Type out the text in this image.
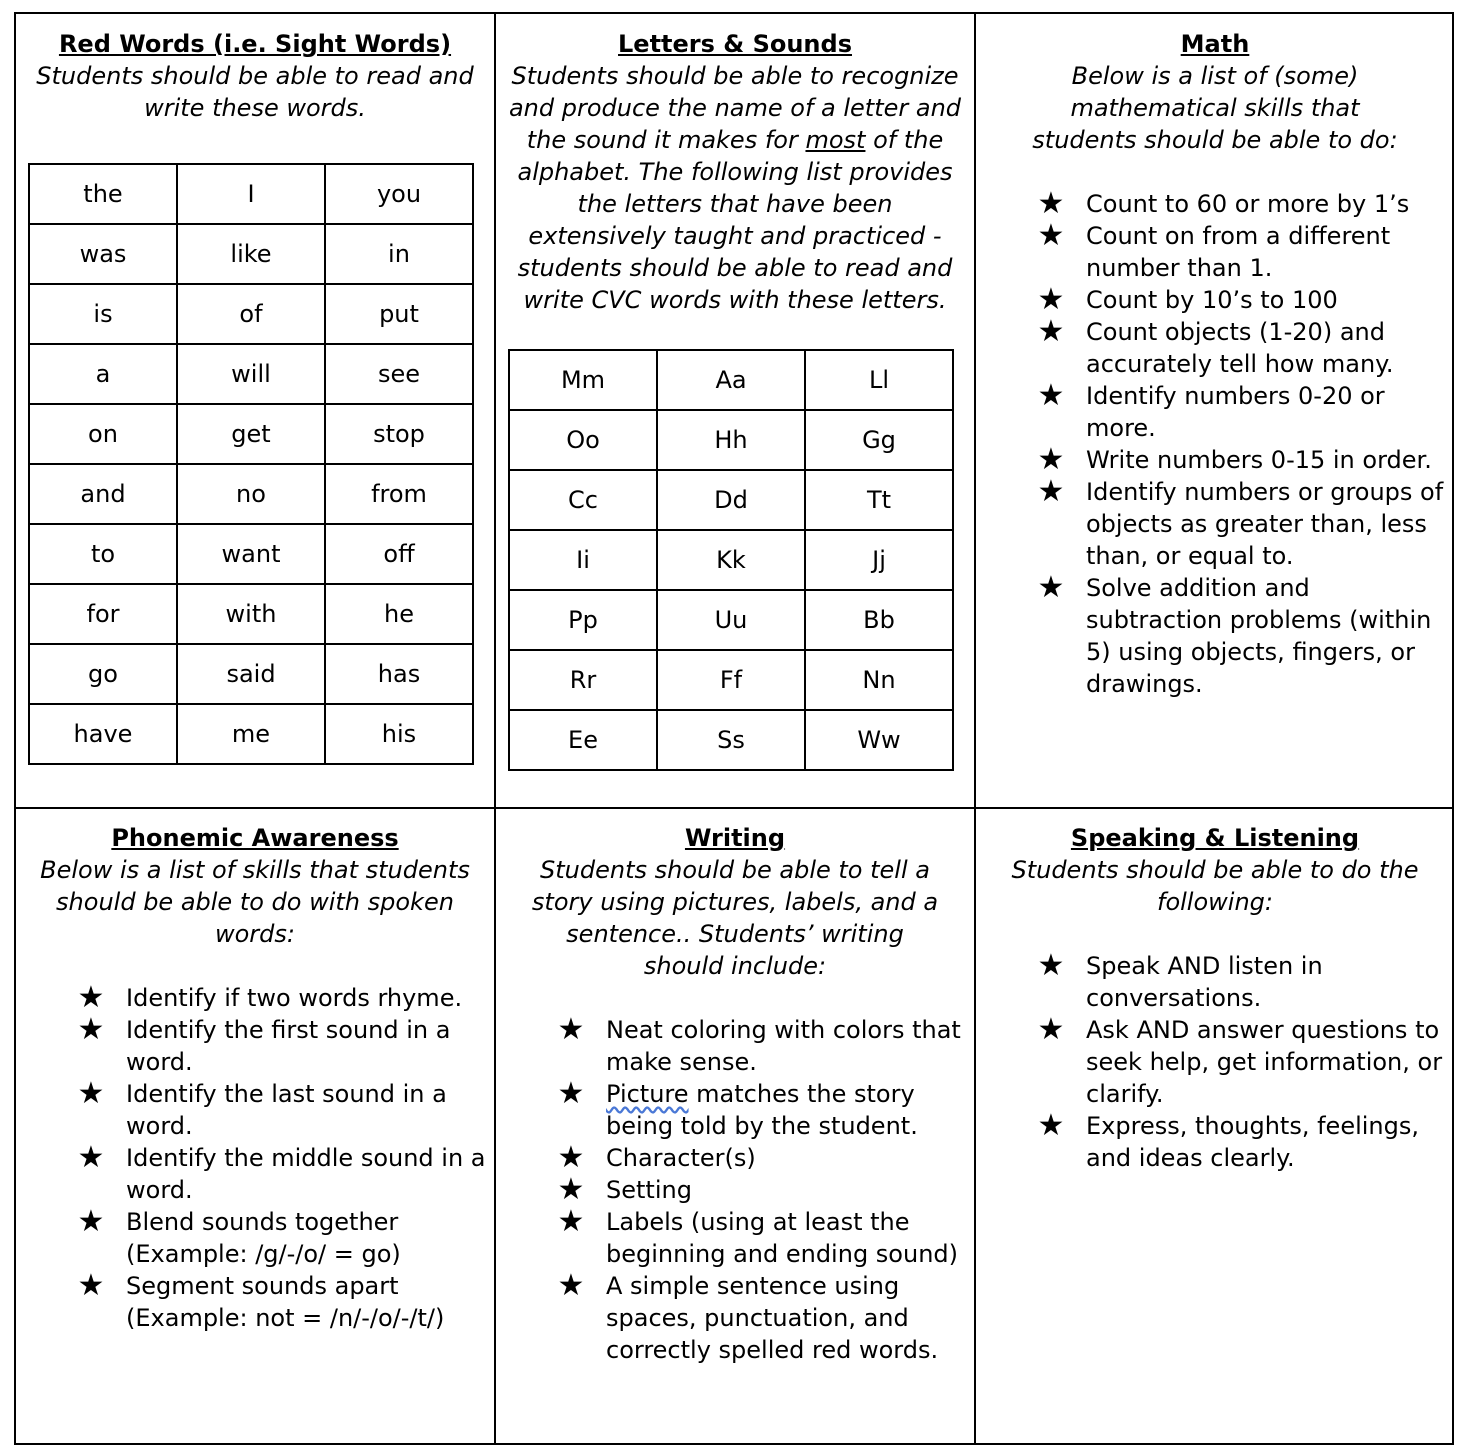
Red Words (i.e. Sight Words)

Students should be able to read and write these words.

the	I	you
was	like	in
is	of	put
a	will	see
on	get	stop
and	no	from
to	want	off
for	with	he
go	said	has
have	me	his
Letters & Sounds

Students should be able to recognize and produce the name of a letter and the sound it makes for most of the alphabet. The following list provides the letters that have been extensively taught and practiced - students should be able to read and write CVC words with these letters.

Mm	Aa	Ll
Oo	Hh	Gg
Cc	Dd	Tt
Ii	Kk	Jj
Pp	Uu	Bb
Rr	Ff	Nn
Ee	Ss	Ww
Math

Below is a list of (some) mathematical skills that students should be able to do:

★ Count to 60 or more by 1’s
★ Count on from a different number than 1.
★ Count by 10’s to 100
★ Count objects (1-20) and accurately tell how many.
★ Identify numbers 0-20 or more.
★ Write numbers 0-15 in order.
★ Identify numbers or groups of objects as greater than, less than, or equal to.
★ Solve addition and subtraction problems (within 5) using objects, fingers, or drawings.
Phonemic Awareness

Below is a list of skills that students should be able to do with spoken words:

★ Identify if two words rhyme.
★ Identify the first sound in a word.
★ Identify the last sound in a word.
★ Identify the middle sound in a word.
★ Blend sounds together (Example: /g/-/o/ = go)
★ Segment sounds apart (Example: not = /n/-/o/-/t/)
Writing

Students should be able to tell a story using pictures, labels, and a sentence.. Students’ writing should include:

★ Neat coloring with colors that make sense.
★ Picture matches the story being told by the student.
★ Character(s)
★ Setting
★ Labels (using at least the beginning and ending sound)
★ A simple sentence using spaces, punctuation, and correctly spelled red words.
Speaking & Listening

Students should be able to do the following:

★ Speak AND listen in conversations.
★ Ask AND answer questions to seek help, get information, or clarify.
★ Express, thoughts, feelings, and ideas clearly.
